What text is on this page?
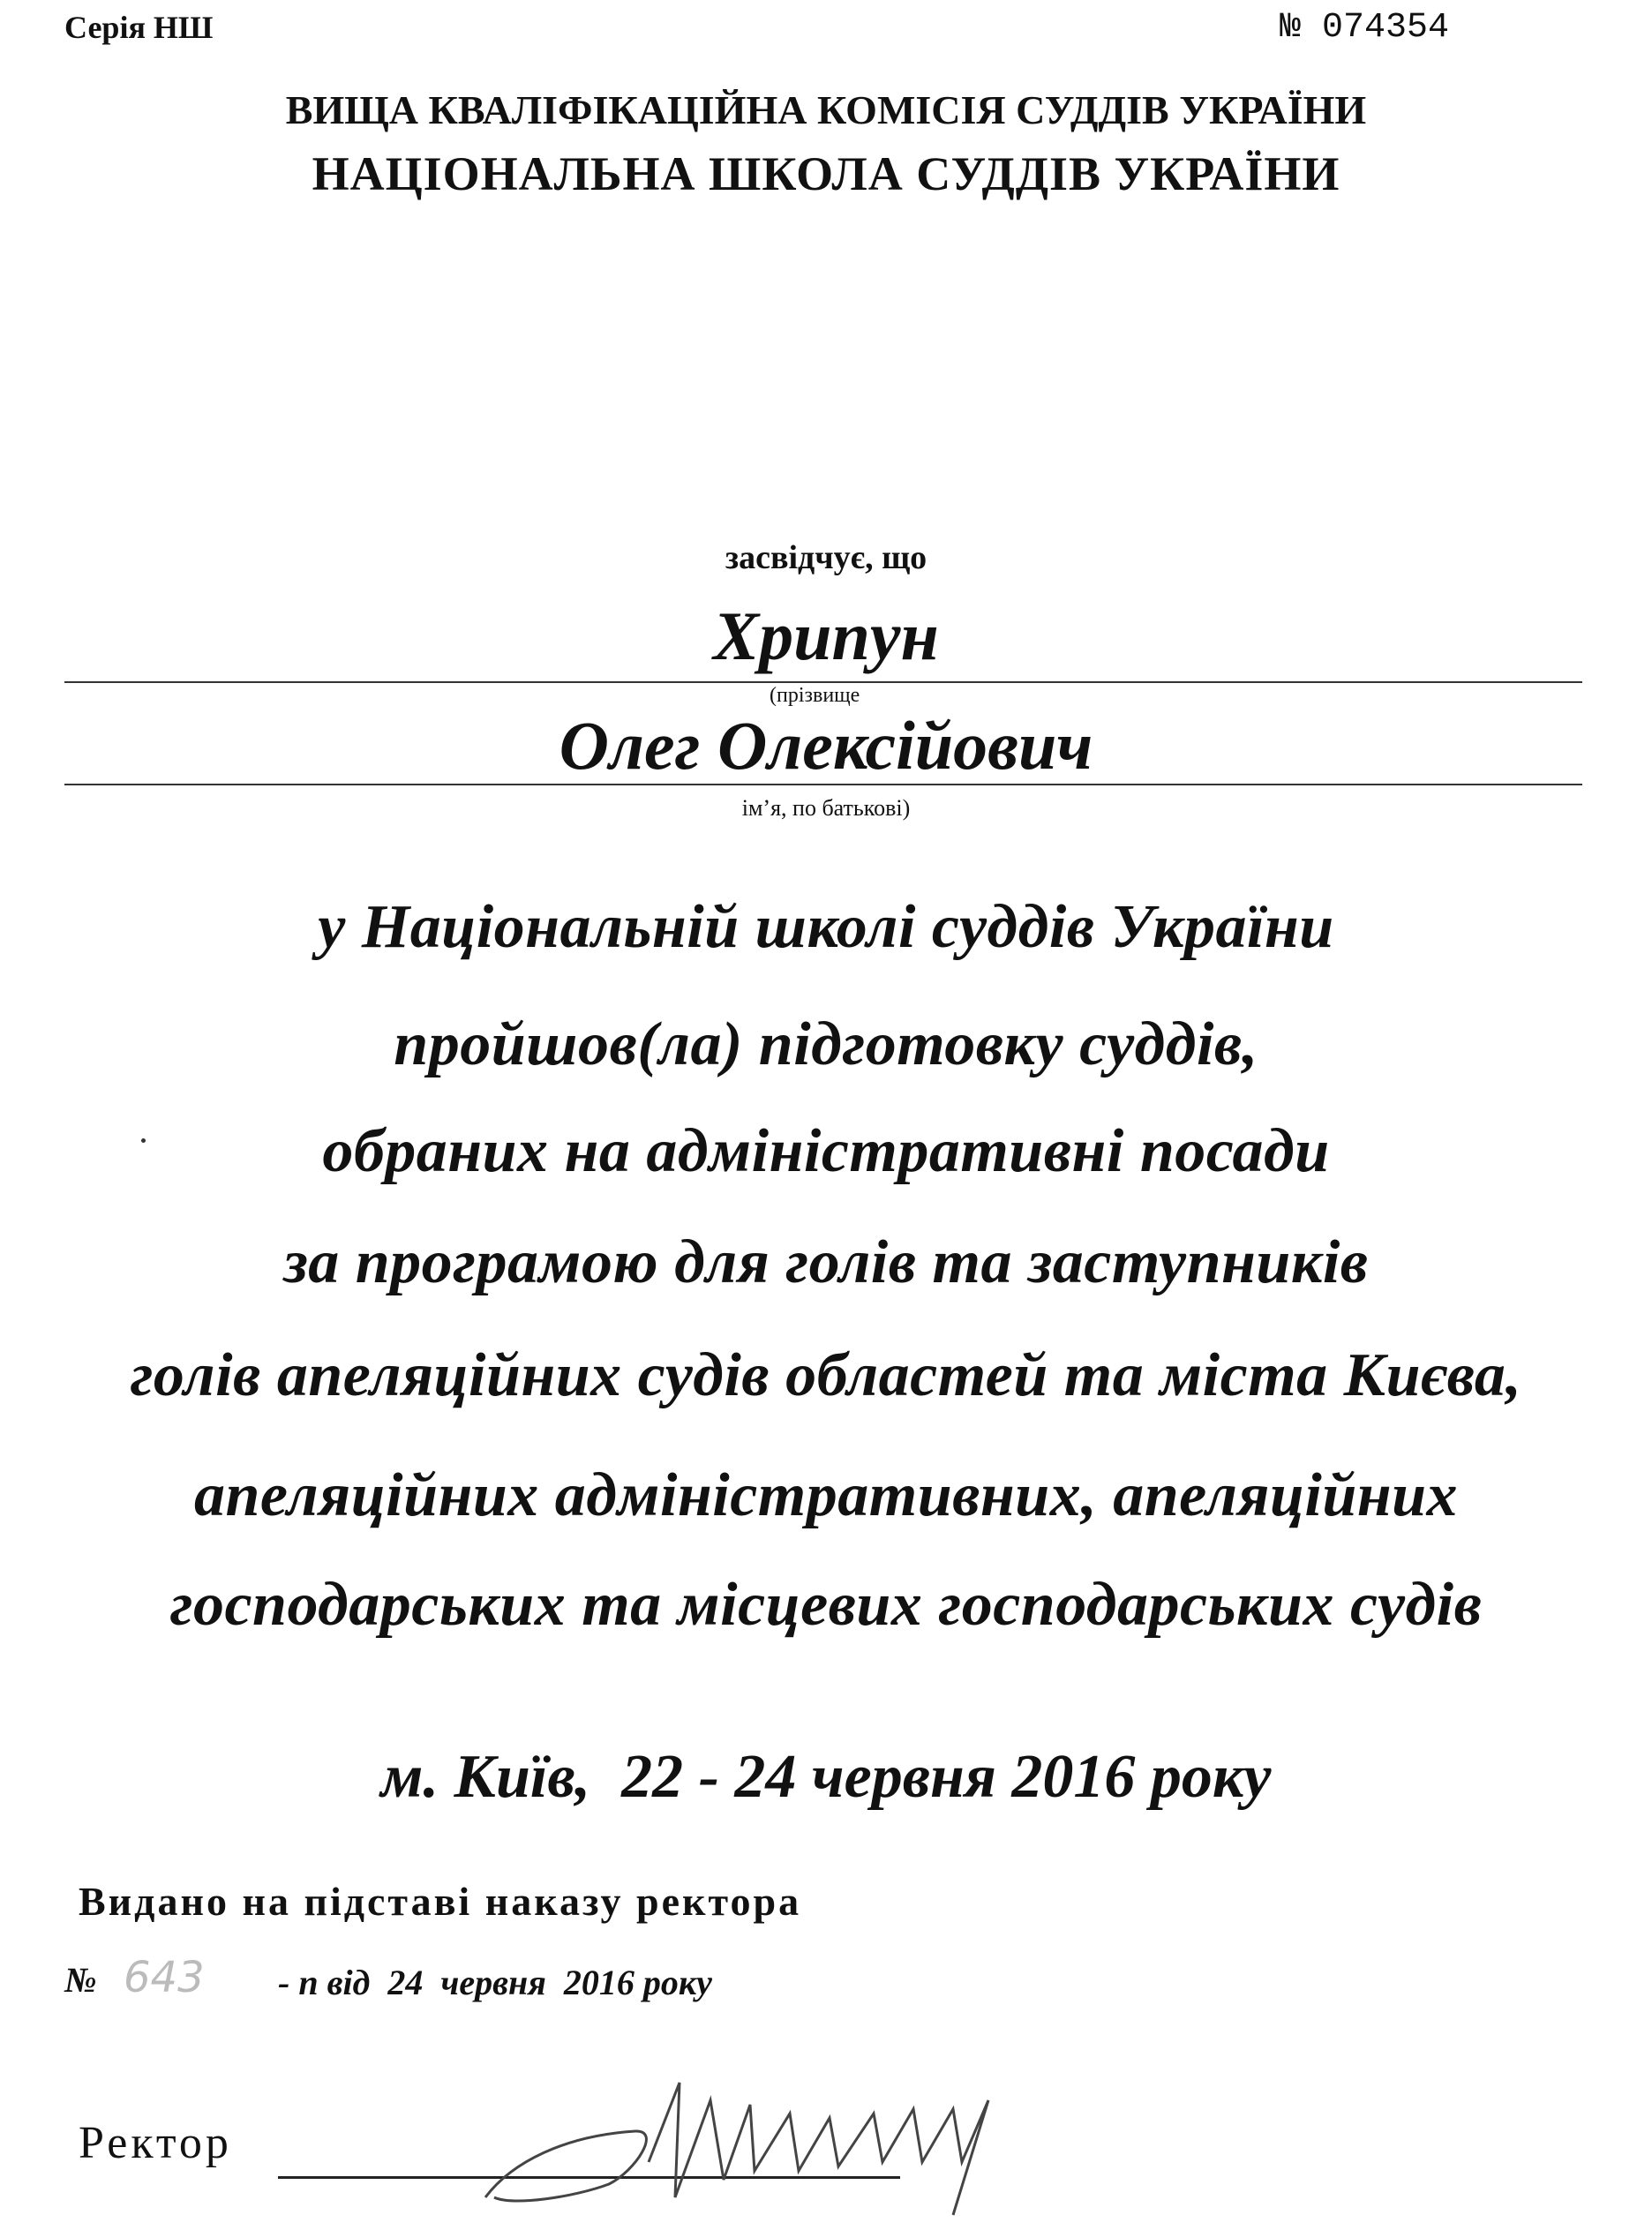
Серія НШ	№ 074354
ВИЩА КВАЛІФІКАЦІЙНА КОМІСІЯ СУДДІВ УКРАЇНИ
НАЦІОНАЛЬНА ШКОЛА СУДДІВ УКРАЇНИ
засвідчує, що
Хрипун
(прізвище
Олег Олексійович
ім’я, по батькові)
у Національній школі суддів України
пройшов(ла) підготовку суддів,
обраних на адміністративні посади
за програмою для голів та заступників
голів апеляційних судів областей та міста Києва,
апеляційних адміністративних, апеляційних
господарських та місцевих господарських судів
м. Київ,  22 - 24 червня 2016 року
Видано на підставі наказу ректора
№ 643 - п від  24  червня  2016 року
Ректор
